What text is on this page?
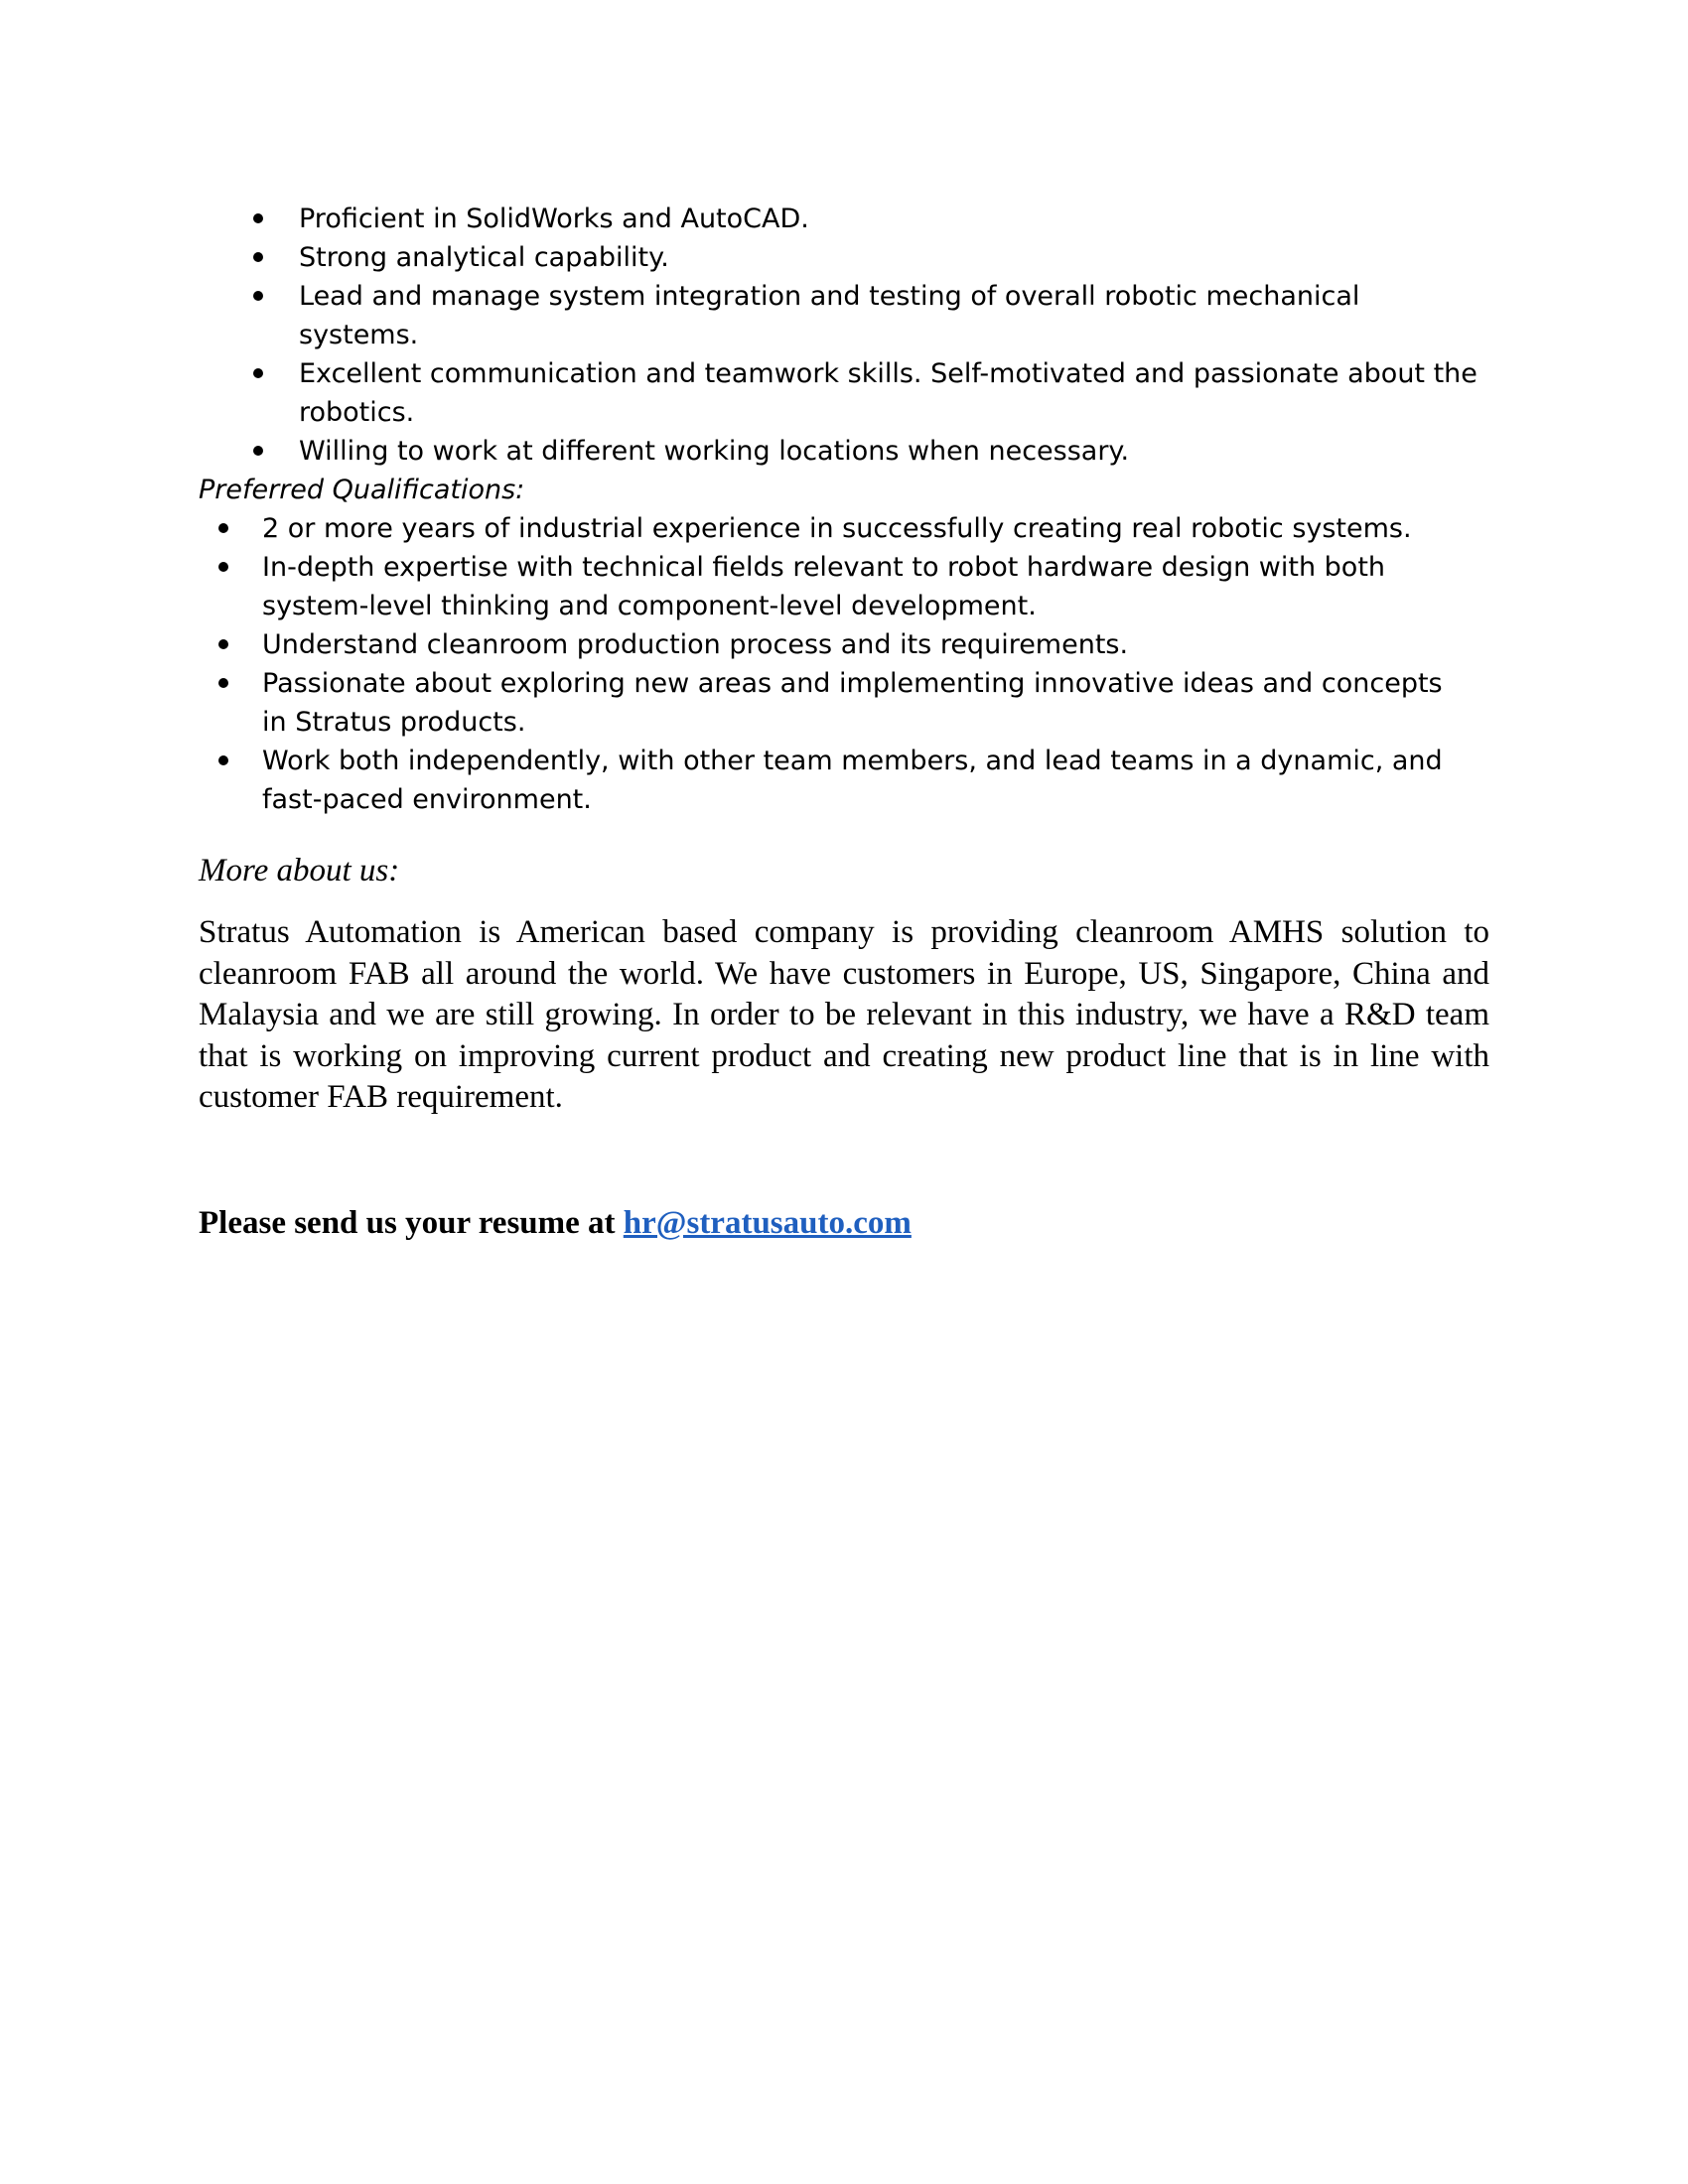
Proficient in SolidWorks and AutoCAD.
Strong analytical capability.
Lead and manage system integration and testing of overall robotic mechanical systems.
Excellent communication and teamwork skills. Self-motivated and passionate about the robotics.
Willing to work at different working locations when necessary.

Preferred Qualifications:

2 or more years of industrial experience in successfully creating real robotic systems.
In-depth expertise with technical fields relevant to robot hardware design with both system-level thinking and component-level development.
Understand cleanroom production process and its requirements.
Passionate about exploring new areas and implementing innovative ideas and concepts in Stratus products.
Work both independently, with other team members, and lead teams in a dynamic, and fast-paced environment.
More about us:

Stratus Automation is American based company is providing cleanroom AMHS solution to cleanroom FAB all around the world. We have customers in Europe, US, Singapore, China and Malaysia and we are still growing. In order to be relevant in this industry, we have a R&D team that is working on improving current product and creating new product line that is in line with customer FAB requirement.

Please send us your resume at hr@stratusauto.com
